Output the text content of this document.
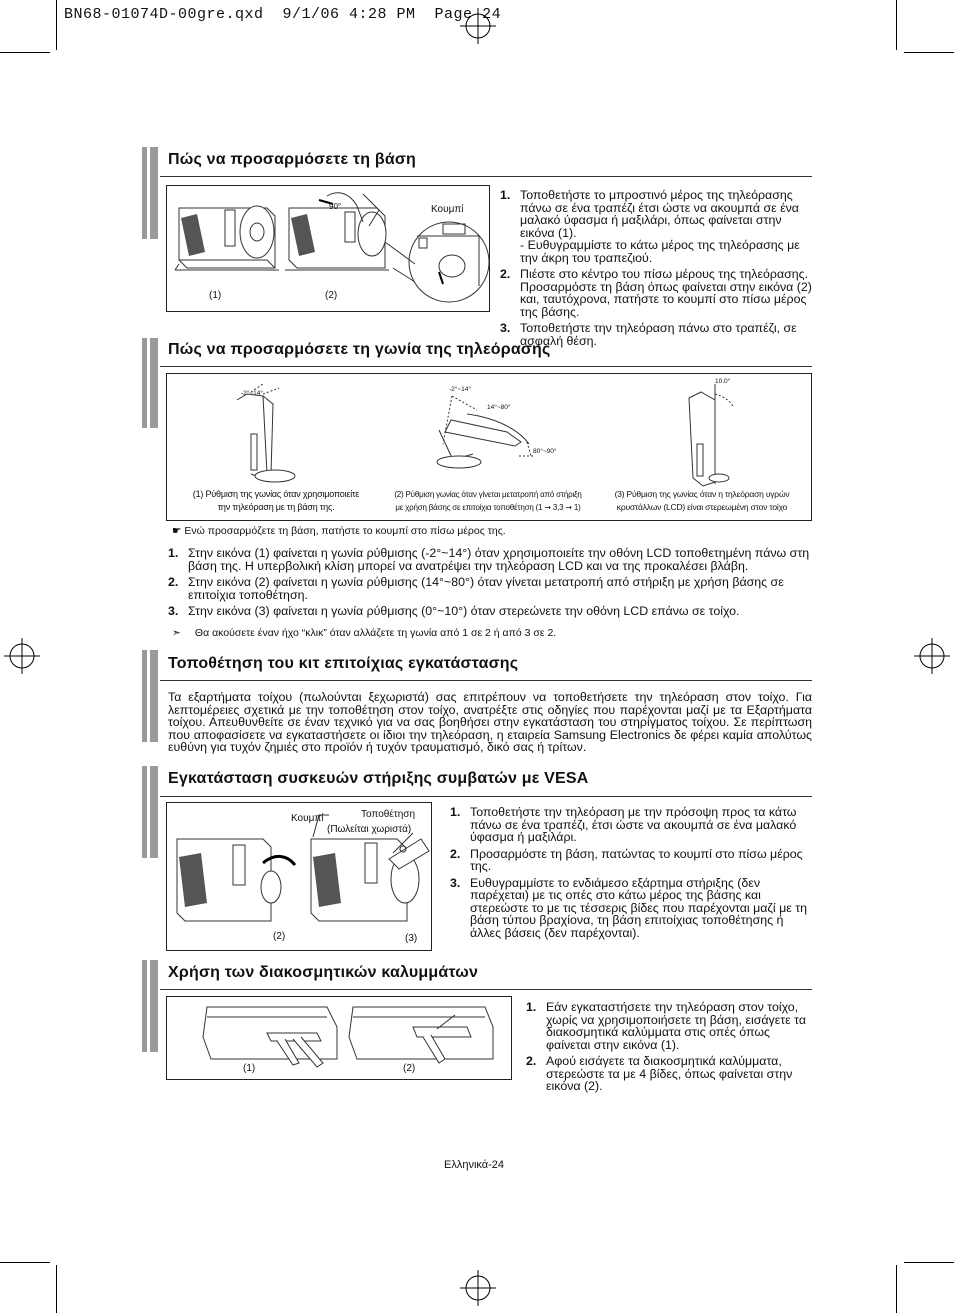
BN68-01074D-00gre.qxd  9/1/06 4:28 PM  Page 24
Πώς να προσαρμόσετε τη βάση
90°	Κουμπί
(1)	(2)
1. Τοποθετήστε το μπροστινό μέρος της τηλεόρασης πάνω σε ένα τραπέζι έτσι ώστε να ακουμπά σε ένα μαλακό ύφασμα ή μαξιλάρι, όπως φαίνεται στην εικόνα (1).
- Ευθυγραμμίστε το κάτω μέρος της τηλεόρασης με την άκρη του τραπεζιού.
2. Πιέστε στο κέντρο του πίσω μέρους της τηλεόρασης. Προσαρμόστε τη βάση όπως φαίνεται στην εικόνα (2) και, ταυτόχρονα, πατήστε το κουμπί στο πίσω μέρος της βάσης.
3. Τοποθετήστε την τηλεόραση πάνω στο τραπέζι, σε ασφαλή θέση.
Πώς να προσαρμόσετε τη γωνία της τηλεόρασης
-2°~14°
-2°~14°
14°~80°
80°~90°
10.0°
(1) Ρύθμιση της γωνίας όταν χρησιμοποιείτε
την τηλεόραση με τη βάση της.
(2) Ρύθμιση γωνίας όταν γίνεται μετατροπή από στήριξη
με χρήση βάσης σε επιτοίχια τοποθέτηση (1 ➞ 3,3 ➞ 1)
(3) Ρύθμιση της γωνίας όταν η τηλεόραση υγρών
κρυστάλλων (LCD) είναι στερεωμένη στον τοίχο
☛ Ενώ προσαρμόζετε τη βάση, πατήστε το κουμπί στο πίσω μέρος της.
1. Στην εικόνα (1) φαίνεται η γωνία ρύθμισης (-2°~14°) όταν χρησιμοποιείτε την οθόνη LCD τοποθετημένη πάνω στη βάση της. Η υπερβολική κλίση μπορεί να ανατρέψει την τηλεόραση LCD και να της προκαλέσει βλάβη.
2. Στην εικόνα (2) φαίνεται η γωνία ρύθμισης (14°~80°) όταν γίνεται μετατροπή από στήριξη με χρήση βάσης σε επιτοίχια τοποθέτηση.
3. Στην εικόνα (3) φαίνεται η γωνία ρύθμισης (0°~10°) όταν στερεώνετε την οθόνη LCD επάνω σε τοίχο.
➣ Θα ακούσετε έναν ήχο “κλικ” όταν αλλάζετε τη γωνία από 1 σε 2 ή από 3 σε 2.
Τοποθέτηση του κιτ επιτοίχιας εγκατάστασης
Τα εξαρτήματα τοίχου (πωλούνται ξεχωριστά) σας επιτρέπουν να τοποθετήσετε την τηλεόραση στον τοίχο. Για λεπτομέρειες σχετικά με την τοποθέτηση στον τοίχο, ανατρέξτε στις οδηγίες που παρέχονται μαζί με τα Εξαρτήματα τοίχου. Απευθυνθείτε σε έναν τεχνικό για να σας βοηθήσει στην εγκατάσταση του στηρίγματος τοίχου. Σε περίπτωση που αποφασίσετε να εγκαταστήσετε οι ίδιοι την τηλεόραση, η εταιρεία Samsung Electronics δε φέρει καμία απολύτως ευθύνη για τυχόν ζημιές στο προϊόν ή τυχόν τραυματισμό, δικό σας ή τρίτων.
Εγκατάσταση συσκευών στήριξης συμβατών με VESA
Κουμπί	Τοποθέτηση
(Πωλείται χωριστά)
(2)	(3)
1. Τοποθετήστε την τηλεόραση με την πρόσοψη προς τα κάτω πάνω σε ένα τραπέζι, έτσι ώστε να ακουμπά σε ένα μαλακό ύφασμα ή μαξιλάρι.
2. Προσαρμόστε τη βάση, πατώντας το κουμπί στο πίσω μέρος της.
3. Ευθυγραμμίστε το ενδιάμεσο εξάρτημα στήριξης (δεν παρέχεται) με τις οπές στο κάτω μέρος της βάσης και στερεώστε το με τις τέσσερις βίδες που παρέχονται μαζί με τη βάση τύπου βραχίονα, τη βάση επιτοίχιας τοποθέτησης ή άλλες βάσεις (δεν παρέχονται).
Χρήση των διακοσμητικών καλυμμάτων
(1)	(2)
1. Εάν εγκαταστήσετε την τηλεόραση στον τοίχο, χωρίς να χρησιμοποιήσετε τη βάση, εισάγετε τα διακοσμητικά καλύμματα στις οπές όπως φαίνεται στην εικόνα (1).
2. Αφού εισάγετε τα διακοσμητικά καλύμματα, στερεώστε τα με 4 βίδες, όπως φαίνεται στην εικόνα (2).
Ελληνικά-24
